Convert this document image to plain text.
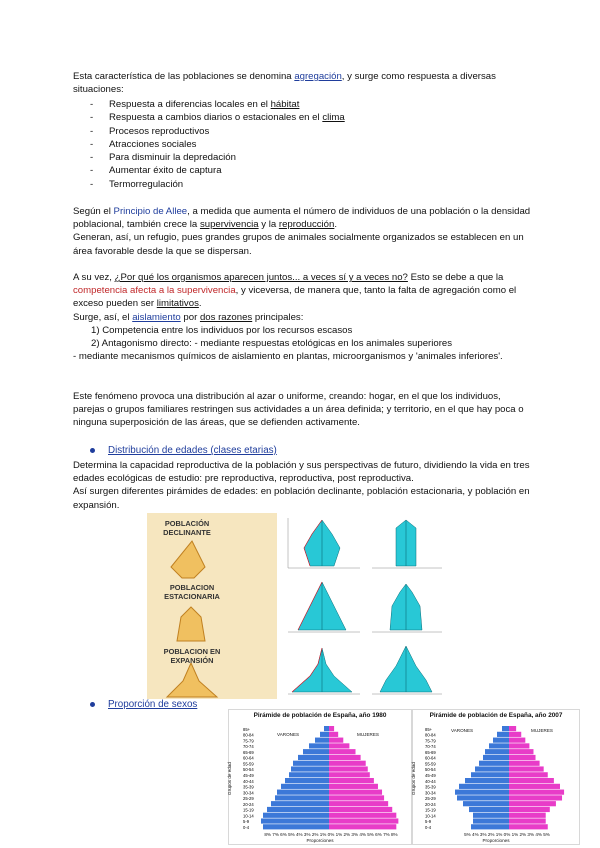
Esta característica de las poblaciones se denomina agregación, y surge como respuesta a diversas situaciones:
- Respuesta a diferencias locales en el hábitat
- Respuesta a cambios diarios o estacionales en el clima
- Procesos reproductivos
- Atracciones sociales
- Para disminuir la depredación
- Aumentar éxito de captura
- Termorregulación
Según el Principio de Allee, a medida que aumenta el número de individuos de una población o la densidad poblacional, también crece la supervivencia y la reproducción.
Generan, así, un refugio, pues grandes grupos de animales socialmente organizados se establecen en un área favorable desde la que se dispersan.
A su vez, ¿Por qué los organismos aparecen juntos... a veces sí y a veces no? Esto se debe a que la competencia afecta a la supervivencia, y viceversa, de manera que, tanto la falta de agregación como el exceso pueden ser limitativos.
Surge, así, el aislamiento por dos razones principales:
1) Competencia entre los individuos por los recursos escasos
2) Antagonismo directo: - mediante respuestas etológicas en los animales superiores
- mediante mecanismos químicos de aislamiento en plantas, microorganismos y 'animales inferiores'.
Este fenómeno provoca una distribución al azar o uniforme, creando: hogar, en el que los individuos, parejas o grupos familiares restringen sus actividades a un área definida; y territorio, en el que hay poca o ninguna superposición de las áreas, que se defienden activamente.
Distribución de edades (clases etarias)
Determina la capacidad reproductiva de la población y sus perspectivas de futuro, dividiendo la vida en tres edades ecológicas de estudio: pre reproductiva, reproductiva, post reproductiva.
Así surgen diferentes pirámides de edades: en población declinante, población estacionaria, y población en expansión.
POBLACIÓN
DECLINANTE
POBLACION
ESTACIONARIA
POBLACION EN
EXPANSIÓN
Proporción de sexos
Pirámide de población de España, año 1980
85+
80-84
75-79
70-74
65-69
60-64
55-59
50-54
45-49
40-44
35-39
30-34
25-29
20-24
15-19
10-14
5-9
0-4
8% 7% 6% 5% 4% 3% 2% 1% 0% 1% 2% 3% 4% 5% 6% 7% 8%
Proporciones
VARONES	MUJERES
Grupos de edad
Pirámide de población de España, año 2007
85+
80-84
75-79
70-74
65-69
60-64
55-59
50-54
45-49
40-44
35-39
30-34
25-29
20-24
15-19
10-14
5-9
0-4
5% 4% 3% 2% 1% 0% 1% 2% 3% 4% 5%
Proporciones
VARONES	MUJERES
Grupos de edad
